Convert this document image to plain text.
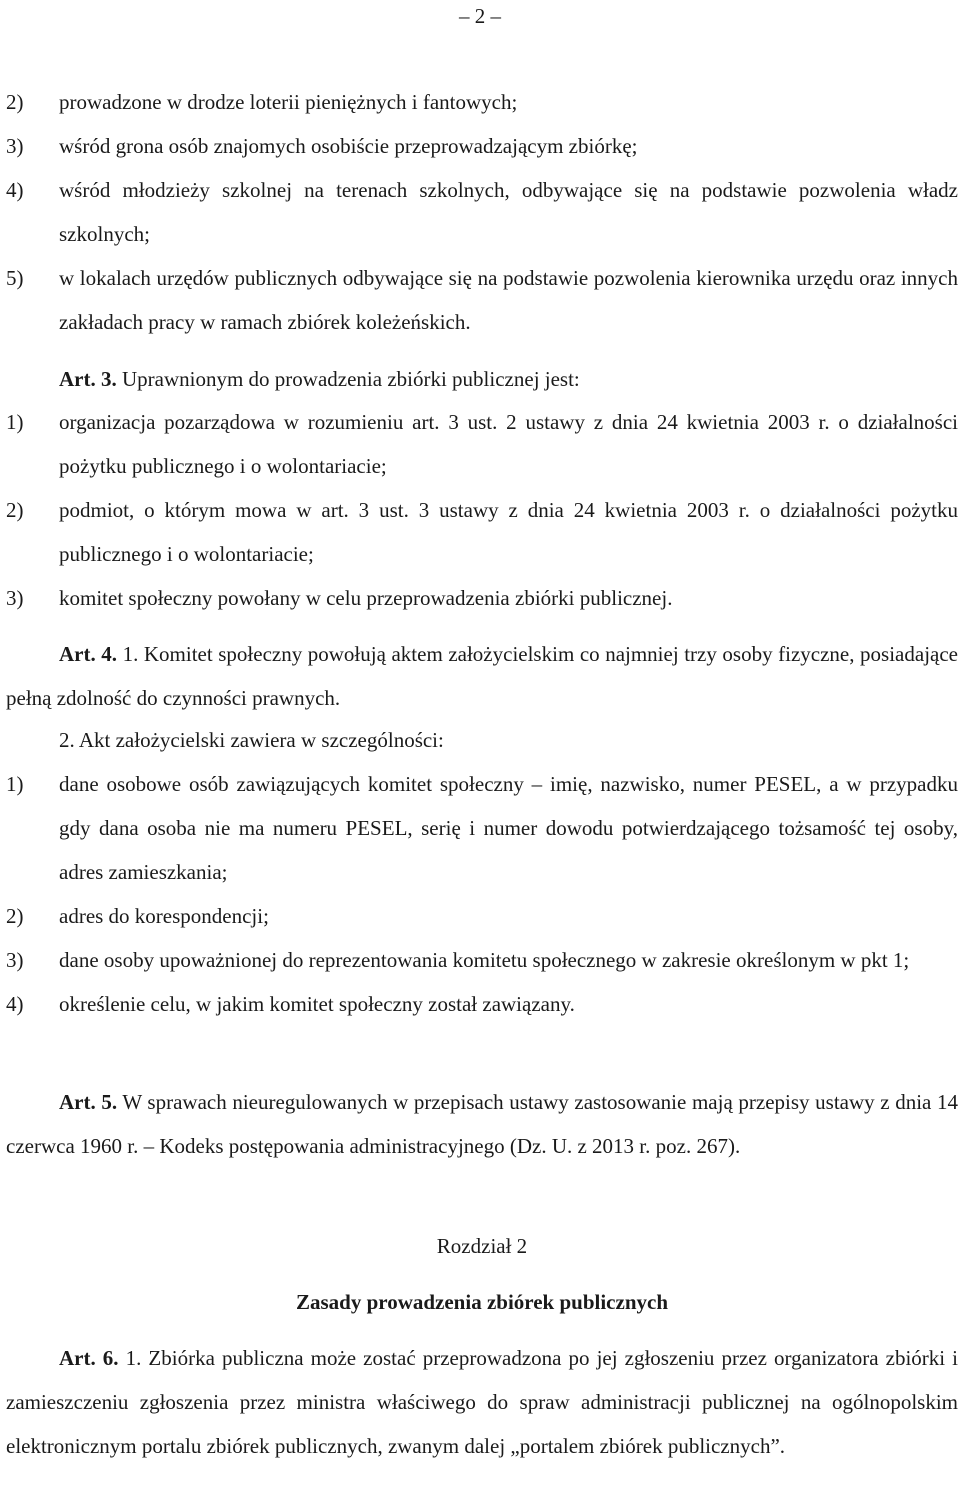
– 2 –
2)	prowadzone w drodze loterii pieniężnych i fantowych;
3)	wśród grona osób znajomych osobiście przeprowadzającym zbiórkę;
4)	wśród młodzieży szkolnej na terenach szkolnych, odbywające się na podstawie pozwolenia władz szkolnych;
5)	w lokalach urzędów publicznych odbywające się na podstawie pozwolenia kierownika urzędu oraz innych zakładach pracy w ramach zbiórek koleżeńskich.
Art. 3. Uprawnionym do prowadzenia zbiórki publicznej jest:
1)	organizacja pozarządowa w rozumieniu art. 3 ust. 2 ustawy z dnia 24 kwietnia 2003 r. o działalności pożytku publicznego i o wolontariacie;
2)	podmiot, o którym mowa w art. 3 ust. 3 ustawy z dnia 24 kwietnia 2003 r. o działalności pożytku publicznego i o wolontariacie;
3)	komitet społeczny powołany w celu przeprowadzenia zbiórki publicznej.
Art. 4. 1. Komitet społeczny powołują aktem założycielskim co najmniej trzy osoby fizyczne, posiadające pełną zdolność do czynności prawnych.
2. Akt założycielski zawiera w szczególności:
1)	dane osobowe osób zawiązujących komitet społeczny – imię, nazwisko, numer PESEL, a w przypadku gdy dana osoba nie ma numeru PESEL, serię i numer dowodu potwierdzającego tożsamość tej osoby, adres zamieszkania;
2)	adres do korespondencji;
3)	dane osoby upoważnionej do reprezentowania komitetu społecznego w zakresie określonym w pkt 1;
4)	określenie celu, w jakim komitet społeczny został zawiązany.
Art. 5. W sprawach nieuregulowanych w przepisach ustawy zastosowanie mają przepisy ustawy z dnia 14 czerwca 1960 r. – Kodeks postępowania administracyjnego (Dz. U. z 2013 r. poz. 267).
Rozdział 2
Zasady prowadzenia zbiórek publicznych
Art. 6. 1. Zbiórka publiczna może zostać przeprowadzona po jej zgłoszeniu przez organizatora zbiórki i zamieszczeniu zgłoszenia przez ministra właściwego do spraw administracji publicznej na ogólnopolskim elektronicznym portalu zbiórek publicznych, zwanym dalej „portalem zbiórek publicznych”.
